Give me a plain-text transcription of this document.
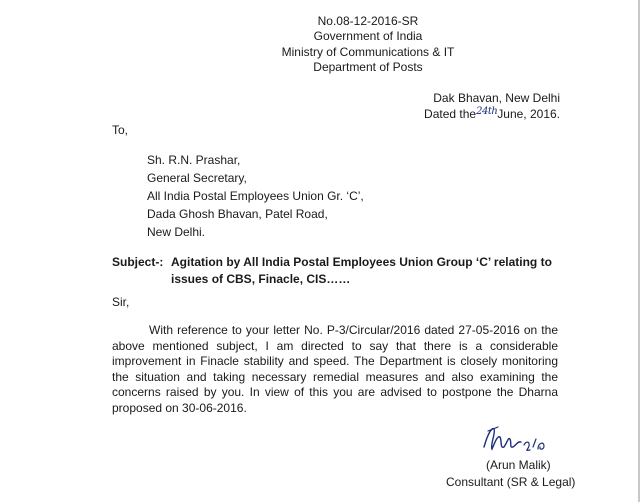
No.08-12-2016-SR
Government of India
Ministry of Communications & IT
Department of Posts
Dak Bhavan, New Delhi
Dated the$^{24th}$June, 2016.
To,
Sh. R.N. Prashar,
General Secretary,
All India Postal Employees Union Gr. ‘C’,
Dada Ghosh Bhavan, Patel Road,
New Delhi.
Subject-: Agitation by All India Postal Employees Union Group ‘C’ relating to
issues of CBS, Finacle, CIS……
Sir,
With reference to your letter No. P-3/Circular/2016 dated 27-05-2016 on the
above mentioned subject, I am directed to say that there is a considerable
improvement in Finacle stability and speed. The Department is closely monitoring
the situation and taking necessary remedial measures and also examining the
concerns raised by you. In view of this you are advised to postpone the Dharna
proposed on 30-06-2016.
(Arun Malik)
Consultant (SR & Legal)
